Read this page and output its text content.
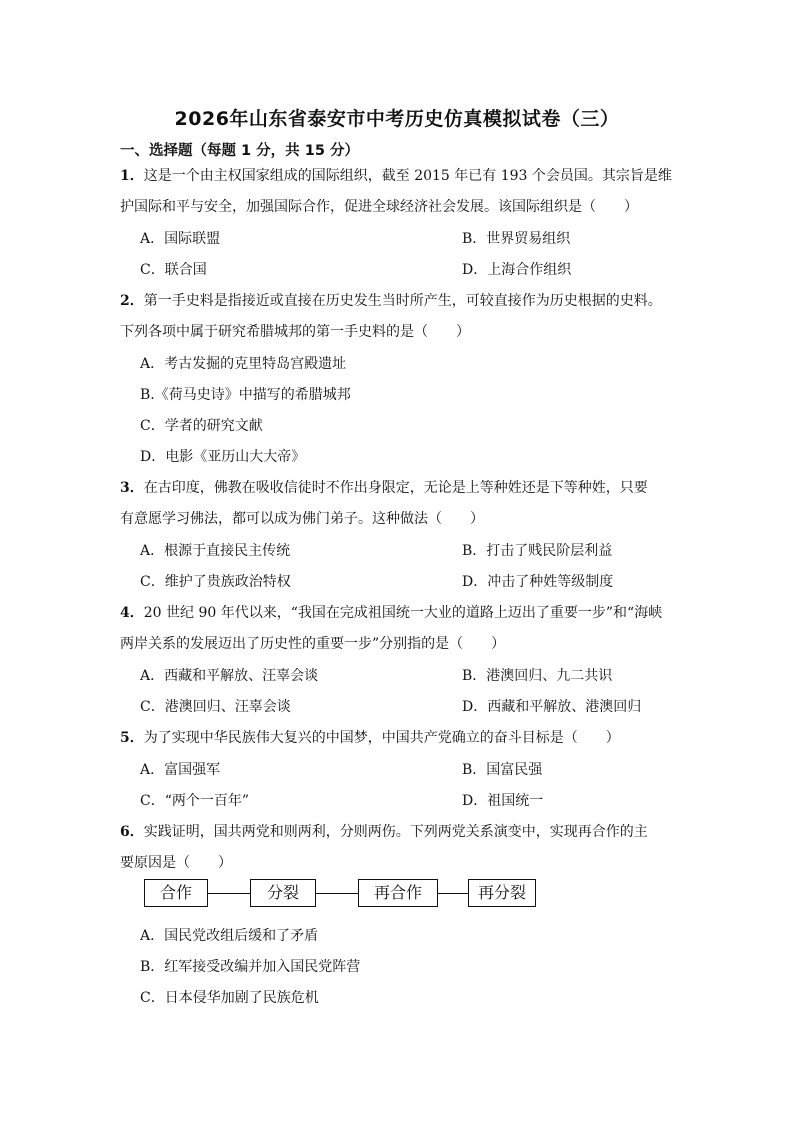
2026年山东省泰安市中考历史仿真模拟试卷（三）
一、选择题（每题 1 分，共 15 分）
1．这是一个由主权国家组成的国际组织，截至 2015 年已有 193 个会员国。其宗旨是维
护国际和平与安全，加强国际合作，促进全球经济社会发展。该国际组织是（　　）
A．国际联盟	B．世界贸易组织
C．联合国	D．上海合作组织
2．第一手史料是指接近或直接在历史发生当时所产生，可较直接作为历史根据的史料。
下列各项中属于研究希腊城邦的第一手史料的是（　　）
A．考古发掘的克里特岛宫殿遗址
B.《荷马史诗》中描写的希腊城邦
C．学者的研究文献
D．电影《亚历山大大帝》
3．在古印度，佛教在吸收信徒时不作出身限定，无论是上等种姓还是下等种姓，只要
有意愿学习佛法，都可以成为佛门弟子。这种做法（　　）
A．根源于直接民主传统	B．打击了贱民阶层利益
C．维护了贵族政治特权	D．冲击了种姓等级制度
4．20 世纪 90 年代以来，“我国在完成祖国统一大业的道路上迈出了重要一步”和“海峡
两岸关系的发展迈出了历史性的重要一步”分别指的是（　　）
A．西藏和平解放、汪辜会谈	B．港澳回归、九二共识
C．港澳回归、汪辜会谈	D．西藏和平解放、港澳回归
5．为了实现中华民族伟大复兴的中国梦，中国共产党确立的奋斗目标是（　　）
A．富国强军	B．国富民强
C．“两个一百年”	D．祖国统一
6．实践证明，国共两党和则两利，分则两伤。下列两党关系演变中，实现再合作的主
要原因是（　　）
合作	分裂	再合作	再分裂
A．国民党改组后缓和了矛盾
B．红军接受改编并加入国民党阵营
C．日本侵华加剧了民族危机
